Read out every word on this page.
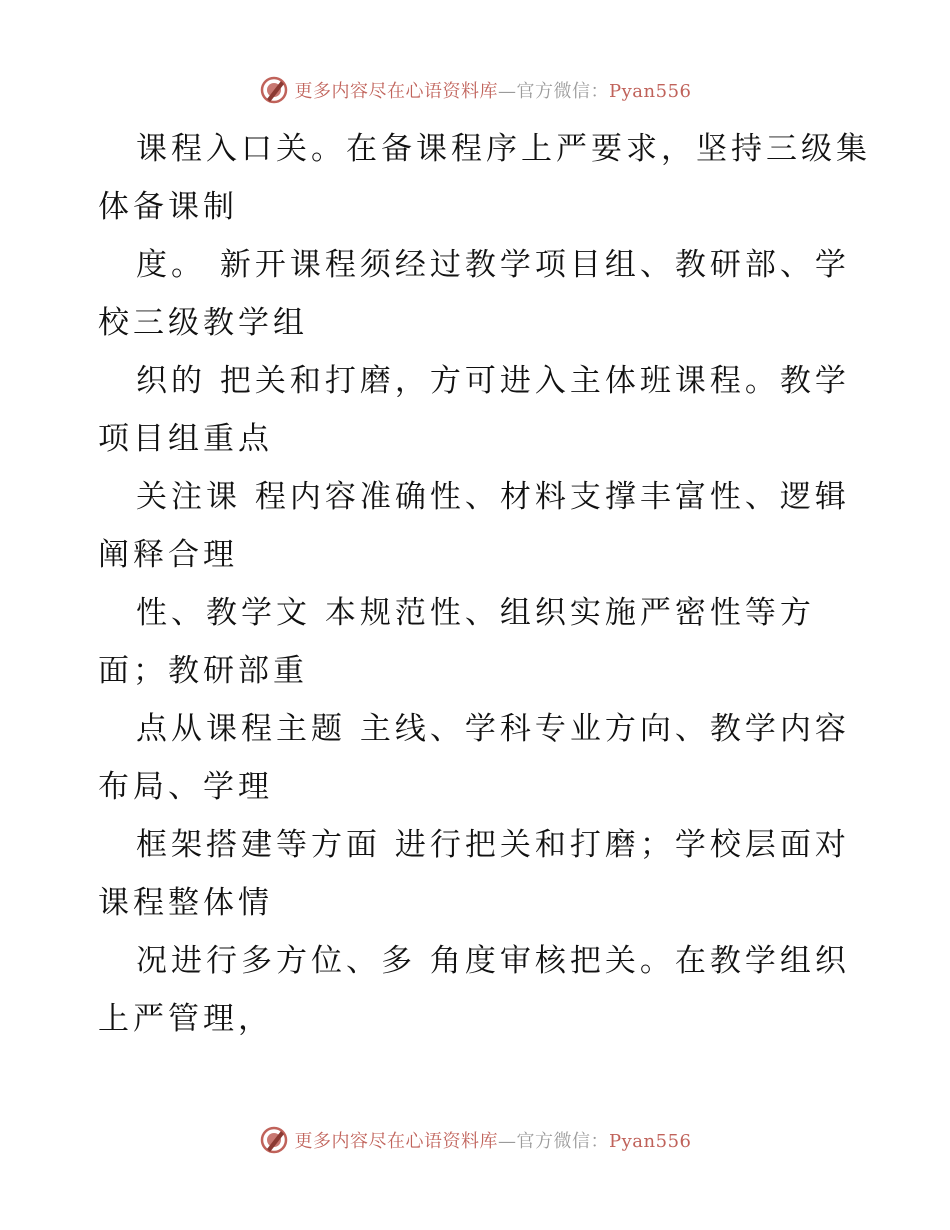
更多内容尽在心语资料库—官方微信：Pyan556
课程入口关。在备课程序上严要求，坚持三级集
体备课制
度。 新开课程须经过教学项目组、教研部、学
校三级教学组
织的 把关和打磨，方可进入主体班课程。教学
项目组重点
关注课 程内容准确性、材料支撑丰富性、逻辑
阐释合理
性、教学文 本规范性、组织实施严密性等方
面；教研部重
点从课程主题 主线、学科专业方向、教学内容
布局、学理
框架搭建等方面 进行把关和打磨；学校层面对
课程整体情
况进行多方位、多 角度审核把关。在教学组织
上严管理，
更多内容尽在心语资料库—官方微信：Pyan556
